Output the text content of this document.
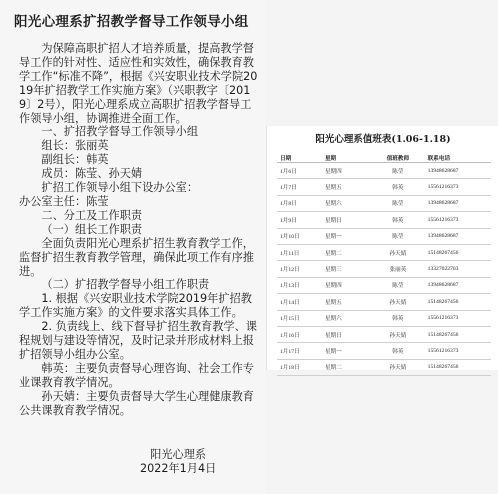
阳光心理系扩招教学督导工作领导小组

为保障高职扩招人才培养质量，提高教学督导工作的针对性、适应性和实效性，确保教育教学工作“标准不降”，根据《兴安职业技术学院2019年扩招教学工作实施方案》（兴职教字〔2019〕2号），阳光心理系成立高职扩招教学督导工作领导小组，协调推进全面工作。

一、扩招教学督导工作领导小组

组长：张丽英

副组长：韩英

成员：陈莹、孙天婧

扩招工作领导小组下设办公室：

办公室主任：陈莹

二、分工及工作职责

（一）组长工作职责

全面负责阳光心理系扩招生教育教学工作，监督扩招生教育教学管理，确保此项工作有序推进。

（二）扩招教学督导小组工作职责

1. 根据《兴安职业技术学院2019年扩招教学工作实施方案》的文件要求落实具体工作。

2. 负责线上、线下督导扩招生教育教学、课程规划与建设等情况，及时记录并形成材料上报扩招领导小组办公室。

韩英：主要负责督导心理咨询、社会工作专业课教育教学情况。

孙天婧：主要负责督导大学生心理健康教育公共课教育教学情况。

阳光心理系
2022年1月4日
阳光心理系值班表(1.06-1.18)
日期	星期	值班教师	联系电话
1月6日	星期四	陈莹	13948628687
1月7日	星期五	韩英	15561216373
1月8日	星期六	陈莹	13948628687
1月9日	星期日	韩英	15561216373
1月10日	星期一	陈莹	13948628687
1月11日	星期二	孙天婧	15148267456
1月12日	星期三	张丽英	13327022703
1月13日	星期四	陈莹	13948628687
1月14日	星期五	孙天婧	15148267456
1月15日	星期六	韩英	15561216373
1月16日	星期日	孙天婧	15148267456
1月17日	星期一	韩英	15561216373
1月18日	星期二	孙天婧	15148267456
